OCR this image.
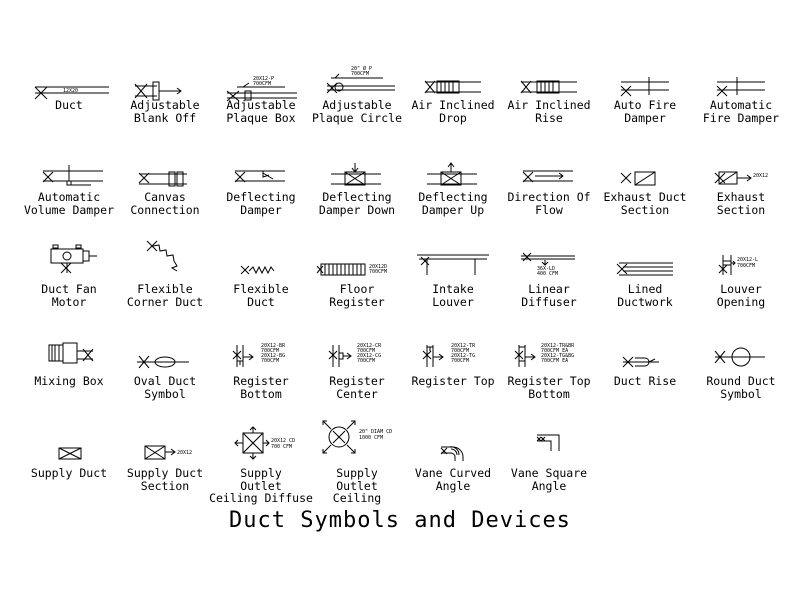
12X20
Duct	Adjustable
Blank Off
20X12-P
700CFM
Adjustable
Plaque Box
20" Ø P
700CFM
Adjustable
Plaque Circle
Air Inclined
Drop
Air Inclined
Rise
Auto Fire
Damper
Automatic
Fire Damper
Automatic
Volume Damper
Canvas
Connection
Deflecting
Damper
Deflecting
Damper Down
Deflecting
Damper Up
Direction Of
Flow
Exhaust Duct
Section
20X12
Exhaust
Section
Duct Fan
Motor
Flexible
Corner Duct
Flexible
Duct
20X12D
700CFM
Floor
Register
Intake
Louver
36X-LD
400 CFM
Linear
Diffuser
Lined
Ductwork
20X12-L
700CFM
Louver
Opening
Mixing Box	Oval Duct
Symbol
20X12-BR
700CFM
20X12-BG
700CFM
Register
Bottom
20X12-CR
700CFM
20X12-CG
700CFM
Register
Center
20X12-TR
700CFM
20X12-TG
700CFM
Register Top
20X12-TR&BR
700CFM EA
20X12-TG&BG
700CFM EA
Register Top
Bottom
Duct Rise	Round Duct
Symbol
Supply Duct
20X12
Supply Duct
Section
20X12 CD
700 CFM
Supply
Outlet
Ceiling Diffuse
20" DIAM CD
1000 CFM
Supply
Outlet
Ceiling
Vane Curved
Angle
Vane Square
Angle
Duct Symbols and Devices
